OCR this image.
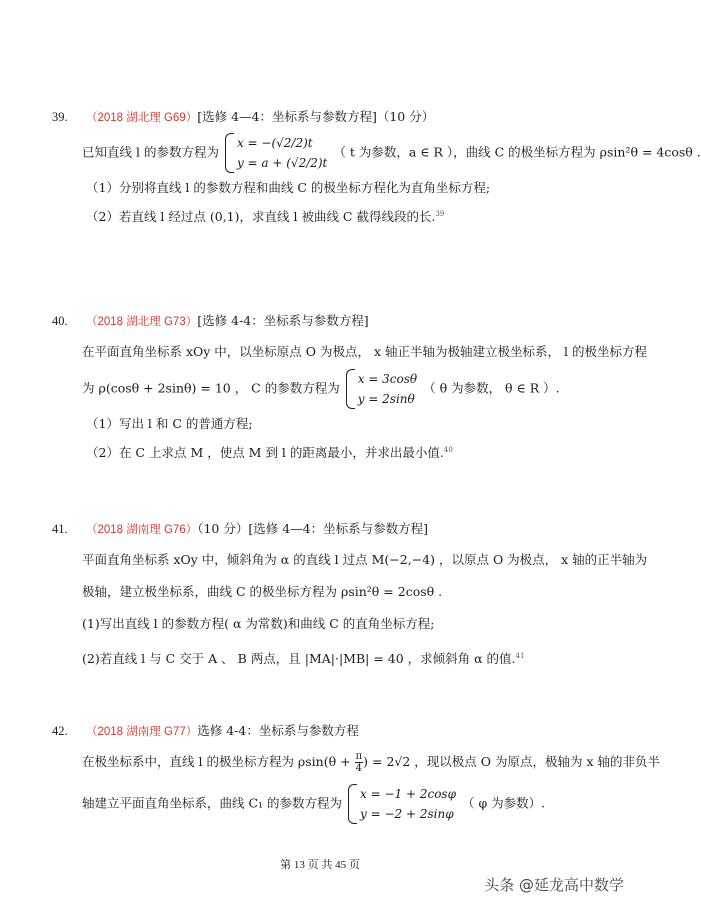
39. （2018 湖北理 G69）[选修 4—4：坐标系与参数方程]（10 分）
已知直线 l 的参数方程为
x = −(√2/2)t
y = a + (√2/2)t
（ t 为参数，a ∈ R ），曲线 C 的极坐标方程为 ρsin²θ = 4cosθ .
（1）分别将直线 l 的参数方程和曲线 C 的极坐标方程化为直角坐标方程;
（2）若直线 l 经过点 (0,1)，求直线 l 被曲线 C 截得线段的长.$^{39}$
40. （2018 湖北理 G73）[选修 4-4：坐标系与参数方程]
在平面直角坐标系 xOy 中，以坐标原点 O 为极点， x 轴正半轴为极轴建立极坐标系， l 的极坐标方程
为 ρ(cosθ + 2sinθ) = 10 ， C 的参数方程为
x = 3cosθ
y = 2sinθ
（ θ 为参数， θ ∈ R ）.
（1）写出 l 和 C 的普通方程;
（2）在 C 上求点 M ，使点 M 到 l 的距离最小，并求出最小值.$^{40}$
41. （2018 湖南理 G76）（10 分）[选修 4—4：坐标系与参数方程]
平面直角坐标系 xOy 中，倾斜角为 α 的直线 l 过点 M(−2,−4) ，以原点 O 为极点， x 轴的正半轴为
极轴，建立极坐标系，曲线 C 的极坐标方程为 ρsin²θ = 2cosθ .
(1)写出直线 l 的参数方程( α 为常数)和曲线 C 的直角坐标方程;
(2)若直线 l 与 C 交于 A 、 B 两点，且 |MA|·|MB| = 40 ，求倾斜角 α 的值.$^{41}$
42. （2018 湖南理 G77）选修 4-4：坐标系与参数方程
在极坐标系中，直线 l 的极坐标方程为 $\rho\sin(\theta + \frac{\pi}{4}$ ) = 2√2 ，现以极点 O 为原点，极轴为 x 轴的非负半
轴建立平面直角坐标系，曲线 C₁ 的参数方程为
x = −1 + 2cosφ
y = −2 + 2sinφ
（ φ 为参数）.
第 13 页 共 45 页
头条 @延龙高中数学
